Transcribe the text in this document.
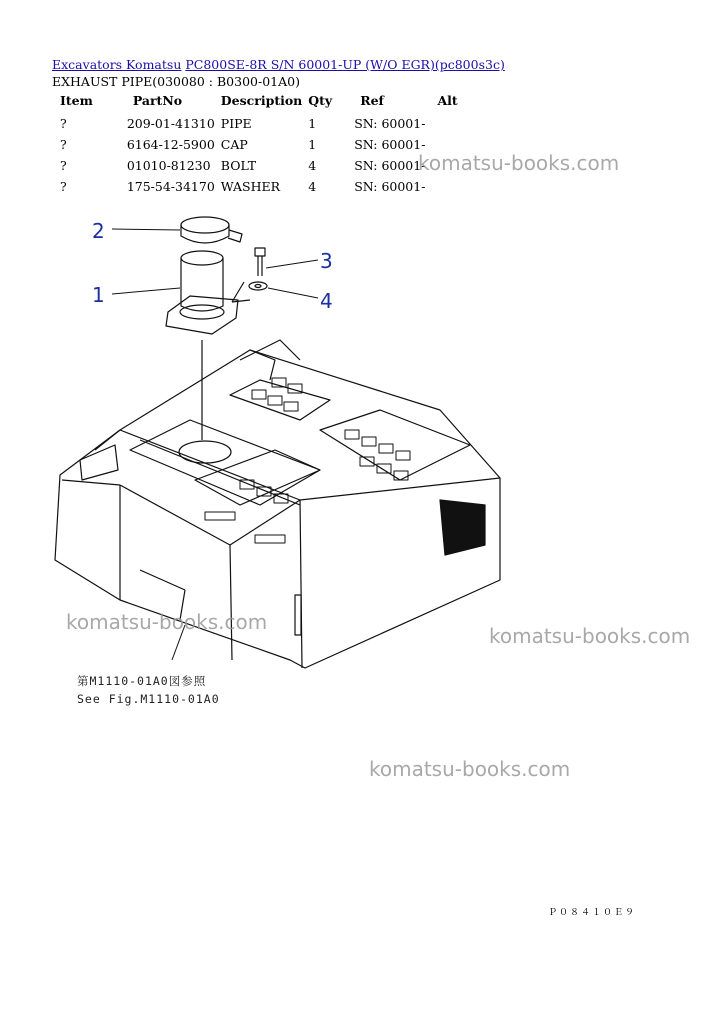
Excavators Komatsu PC800SE-8R S/N 60001-UP (W/O EGR)(pc800s3c)
EXHAUST PIPE(030080 : B0300-01A0)
Item	PartNo	Description	Qty	Ref	Alt
?	209-01-41310	PIPE	1	SN: 60001-	
?	6164-12-5900	CAP	1	SN: 60001-	
?	01010-81230	BOLT	4	SN: 60001-	
?	175-54-34170	WASHER	4	SN: 60001-	
2
1
3
4
第M1110-01A0図参照
See Fig.M1110-01A0
komatsu-books.com
komatsu-books.com
komatsu-books.com
komatsu-books.com
Ｐ０８４１０Ｅ９
